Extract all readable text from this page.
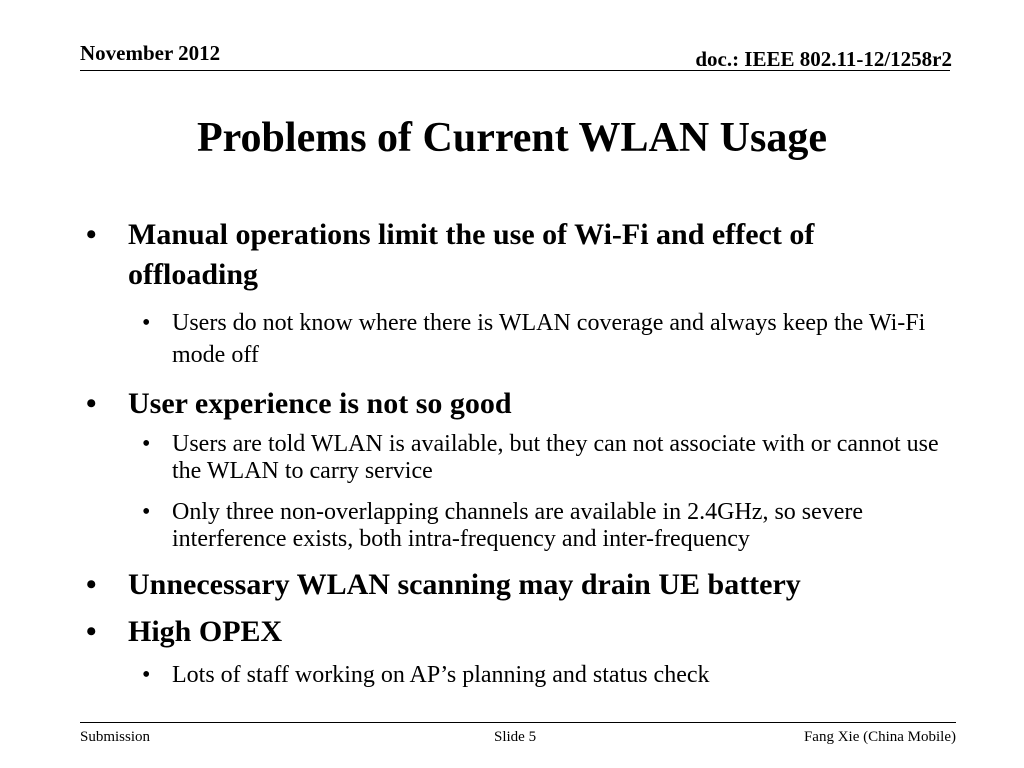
November 2012	doc.: IEEE 802.11-12/1258r2
Problems of Current WLAN Usage
• Manual operations limit the use of Wi-Fi and effect of offloading
• Users do not know where there is WLAN coverage and always keep the Wi-Fi mode off
• User experience is not so good
• Users are told WLAN is available, but they can not associate with or cannot use the WLAN to carry service
• Only three non-overlapping channels are available in 2.4GHz, so severe interference exists, both intra-frequency and inter-frequency
• Unnecessary WLAN scanning may drain UE battery
• High OPEX
• Lots of staff working on AP’s planning and status check
Submission	Slide 5	Fang Xie (China Mobile)
